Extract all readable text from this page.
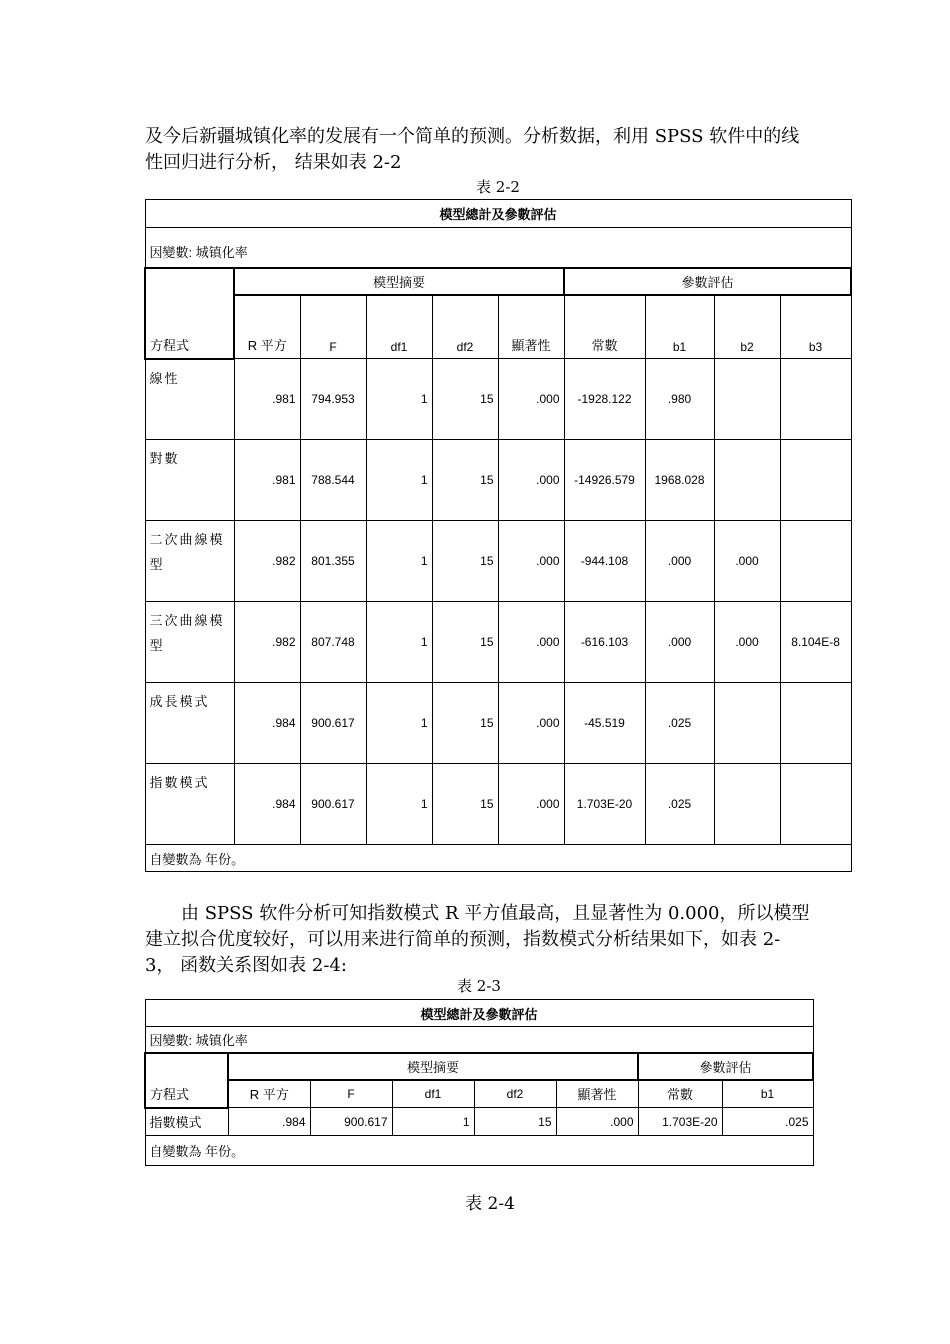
及今后新疆城镇化率的发展有一个简单的预测。分析数据，利用 SPSS 软件中的线

性回归进行分析， 结果如表 2-2

表 2-2
模型總計及參數評估									
因變數: 城镇化率									
方程式	模型摘要					參數評估			
	R 平方	F	df1	df2	顯著性	常數	b1	b2	b3
線性	.981	794.953	1	15	.000	-1928.122	.980		
對數	.981	788.544	1	15	.000	-14926.579	1968.028		
二次曲線模型	.982	801.355	1	15	.000	-944.108	.000	.000	
三次曲線模型	.982	807.748	1	15	.000	-616.103	.000	.000	8.104E-8
成長模式	.984	900.617	1	15	.000	-45.519	.025		
指數模式	.984	900.617	1	15	.000	1.703E-20	.025		
自變數為 年份。									

由 SPSS 软件分析可知指数模式 R 平方值最高，且显著性为 0.000，所以模型

建立拟合优度较好，可以用来进行简单的预测，指数模式分析结果如下，如表 2-

3， 函数关系图如表 2-4:

表 2-3
模型總計及參數評估							
因變數: 城镇化率							
方程式	模型摘要					參數評估	
	R 平方	F	df1	df2	顯著性	常數	b1
指數模式	.984	900.617	1	15	.000	1.703E-20	.025
自變數為 年份。							
表 2-4
